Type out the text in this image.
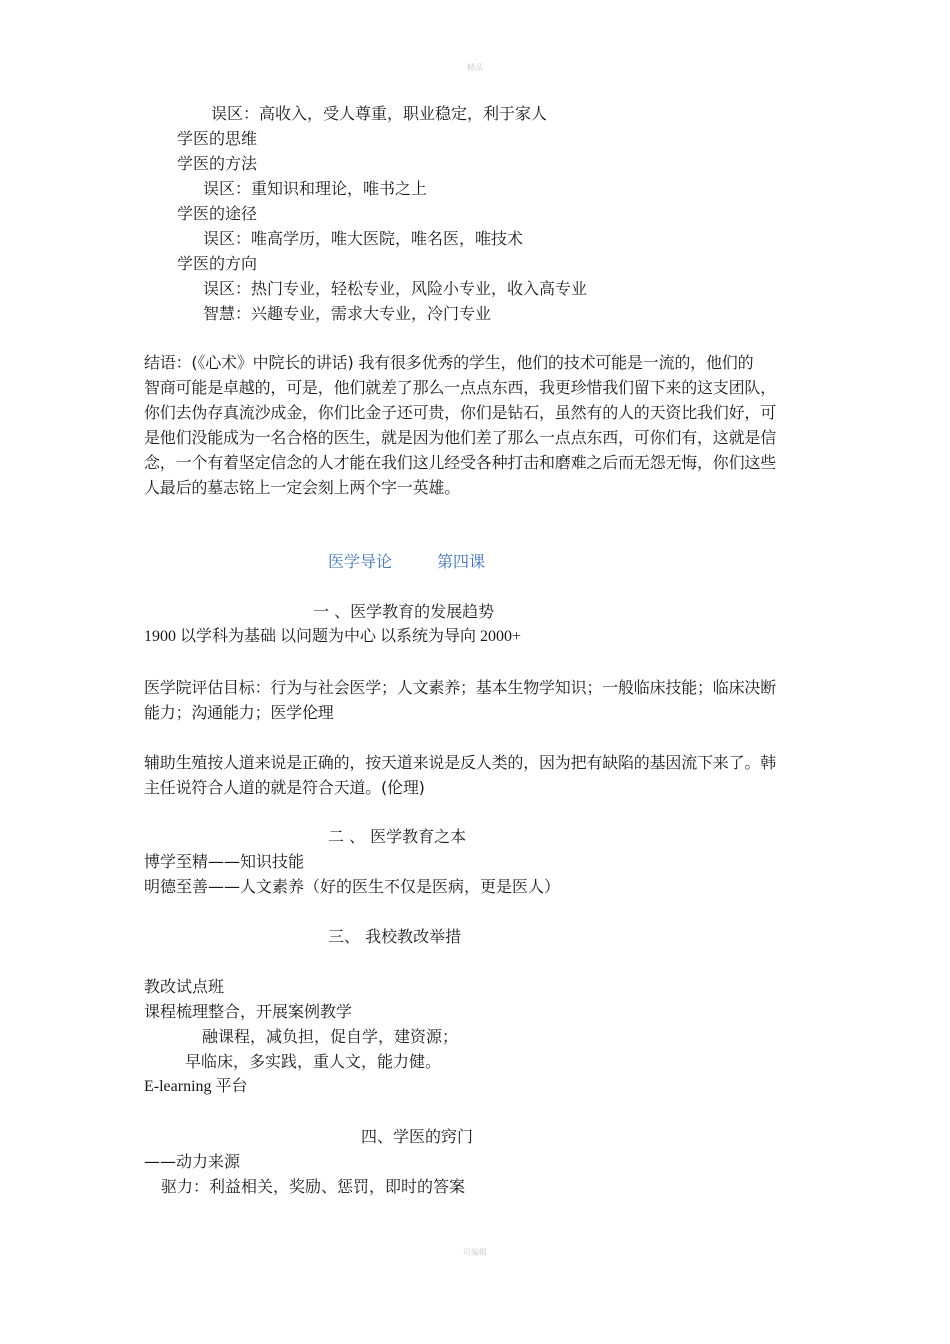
精品
误区：高收入，受人尊重，职业稳定，利于家人
学医的思维
学医的方法
误区：重知识和理论，唯书之上
学医的途径
误区：唯高学历，唯大医院，唯名医，唯技术
学医的方向
误区：热门专业，轻松专业，风险小专业，收入高专业
智慧：兴趣专业，需求大专业，冷门专业
结语：(《心术》中院长的讲话) 我有很多优秀的学生，他们的技术可能是一流的，他们的
智商可能是卓越的，可是，他们就差了那么一点点东西，我更珍惜我们留下来的这支团队，
你们去伪存真流沙成金，你们比金子还可贵，你们是钻石，虽然有的人的天资比我们好，可
是他们没能成为一名合格的医生，就是因为他们差了那么一点点东西，可你们有，这就是信
念，一个有着坚定信念的人才能在我们这儿经受各种打击和磨难之后而无怨无悔，你们这些
人最后的墓志铭上一定会刻上两个字一英雄。
医学导论	第四课
一 、医学教育的发展趋势
1900 以学科为基础 以问题为中心 以系统为导向 2000+
医学院评估目标：行为与社会医学；人文素养；基本生物学知识；一般临床技能；临床决断
能力；沟通能力；医学伦理
辅助生殖按人道来说是正确的，按天道来说是反人类的，因为把有缺陷的基因流下来了。韩
主任说符合人道的就是符合天道。(伦理)
二 、 医学教育之本
博学至精——知识技能
明德至善——人文素养（好的医生不仅是医病，更是医人）
三、 我校教改举措
教改试点班
课程梳理整合，开展案例教学
融课程，减负担，促自学，建资源；
早临床，多实践，重人文，能力健。
E-learning 平台
四、学医的窍门
——动力来源
驱力：利益相关，奖励、惩罚，即时的答案
可编辑
